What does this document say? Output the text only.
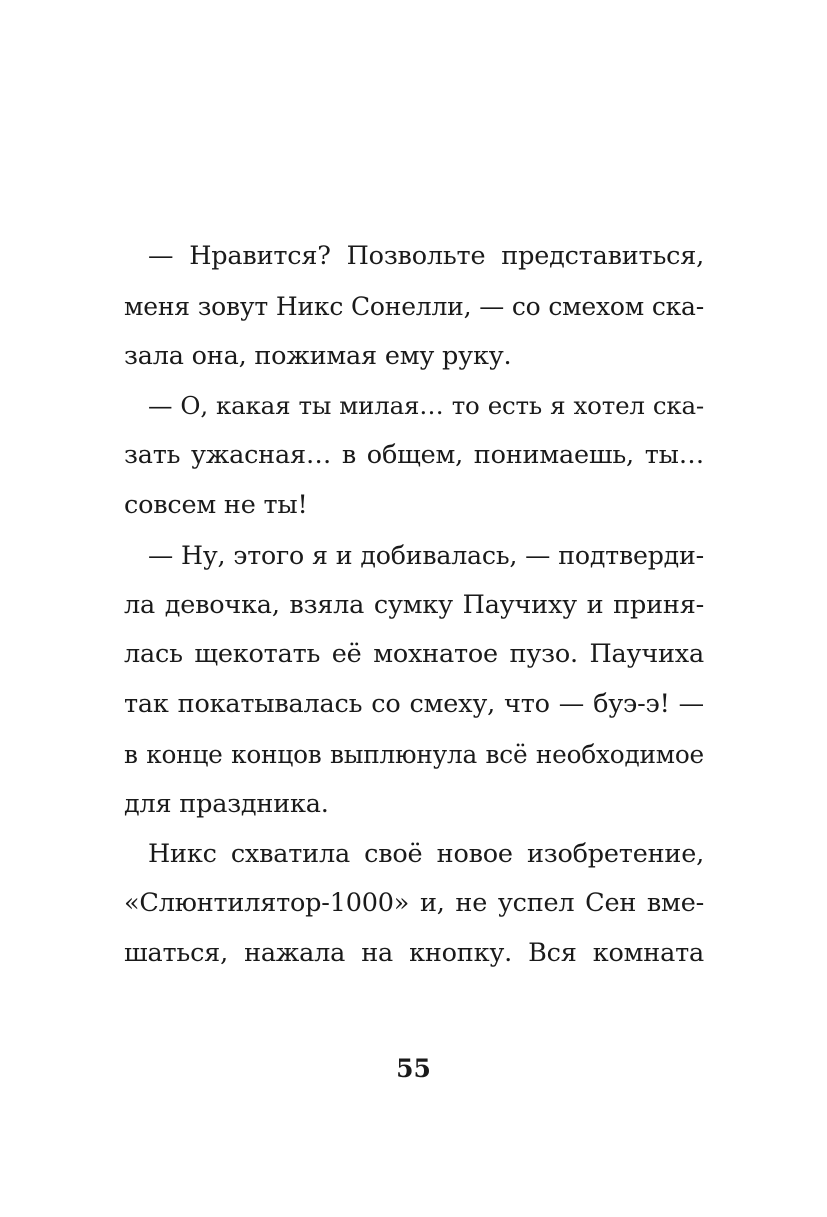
— Нравится? Позвольте представиться,
меня зовут Никс Сонелли, — со смехом ска-
зала она, пожимая ему руку.
— О, какая ты милая… то есть я хотел ска-
зать ужасная… в общем, понимаешь, ты…
совсем не ты!
— Ну, этого я и добивалась, — подтверди-
ла девочка, взяла сумку Паучиху и приня-
лась щекотать её мохнатое пузо. Паучиха
так покатывалась со смеху, что — буэ-э! —
в конце концов выплюнула всё необходимое
для праздника.
Никс схватила своё новое изобретение,
«Слюнтилятор-1000» и, не успел Сен вме-
шаться, нажала на кнопку. Вся комната
55
